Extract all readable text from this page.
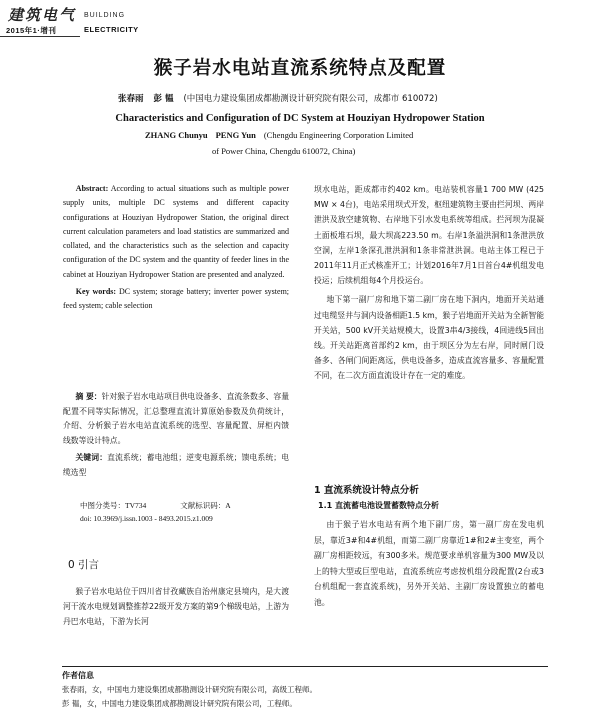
建筑电气 BUILDING
2015年1·增刊	ELECTRICITY
猴子岩水电站直流系统特点及配置
张春雨 彭 韫 (中国电力建设集团成都勘测设计研究院有限公司，成都市 610072)
Characteristics and Configuration of DC System at Houziyan Hydropower Station
ZHANG Chunyu PENG Yun (Chengdu Engineering Corporation Limited
of Power China, Chengdu 610072, China)

Abstract: According to actual situations such as multiple power supply units, multiple DC systems and different capacity configurations at Houziyan Hydropower Station, the original direct current calculation parameters and load statistics are summarized and collated, and the characteristics such as the selection and capacity configuration of the DC system and the quantity of feeder lines in the cabinet at Houziyan Hydropower Station are presented and analyzed.

Key words: DC system; storage battery; inverter power system; feed system; cable selection

摘 要：针对猴子岩水电站项目供电设备多、直流条数多、容量配置不同等实际情况，汇总整理直流计算原始参数及负荷统计，介绍、分析猴子岩水电站直流系统的选型、容量配置、屏柜内馈线数等设计特点。

关键词：直流系统；蓄电池组；逆变电源系统；馈电系统；电缆选型

中图分类号：TV734	文献标识码：A
doi: 10.3969/j.issn.1003 - 8493.2015.z1.009
0 引言

猴子岩水电站位于四川省甘孜藏族自治州康定县境内，是大渡河干流水电规划调整推荐22级开发方案的第9个梯级电站，上游为丹巴水电站，下游为长河

坝水电站，距成都市约402 km。电站装机容量1 700 MW (425 MW × 4台)，电站采用坝式开发，枢纽建筑物主要由拦河坝、两岸泄洪及放空建筑物、右岸地下引水发电系统等组成。拦河坝为混凝土面板堆石坝，最大坝高223.50 m。右岸1条溢洪洞和1条泄洪放空洞，左岸1条深孔泄洪洞和1条非常泄洪洞。电站主体工程已于2011年11月正式核准开工；计划2016年7月1日首台4#机组发电投运；后续机组每4个月投运台。

地下第一副厂房和地下第二副厂房在地下洞内，地面开关站通过电缆竖井与洞内设备相距1.5 km，猴子岩地面开关站为全新智能开关站，500 kV开关站规模大，设置3串4/3接线，4回进线5回出线。开关站距离首部约2 km，由于坝区分为左右岸，同时闸门设备多、各闸门间距离远，供电设备多，造成直流容量多、容量配置不同，在二次方面直流设计存在一定的难度。

1 直流系统设计特点分析
1.1 直流蓄电池设置蓄数特点分析

由于猴子岩水电站有两个地下副厂房，第一副厂房在发电机层，靠近3#和4#机组，而第二副厂房靠近1#和2#主变室，两个副厂房相距较远，有300多米。规范要求单机容量为300 MW及以上的特大型或巨型电站，直流系统应考虑按机组分段配置(2台或3台机组配一套直流系统)，另外开关站、主副厂房设置独立的蓄电池。

作者信息
张春雨，女，中国电力建设集团成都勘测设计研究院有限公司，高级工程师。
彭 韫，女，中国电力建设集团成都勘测设计研究院有限公司，工程师。
